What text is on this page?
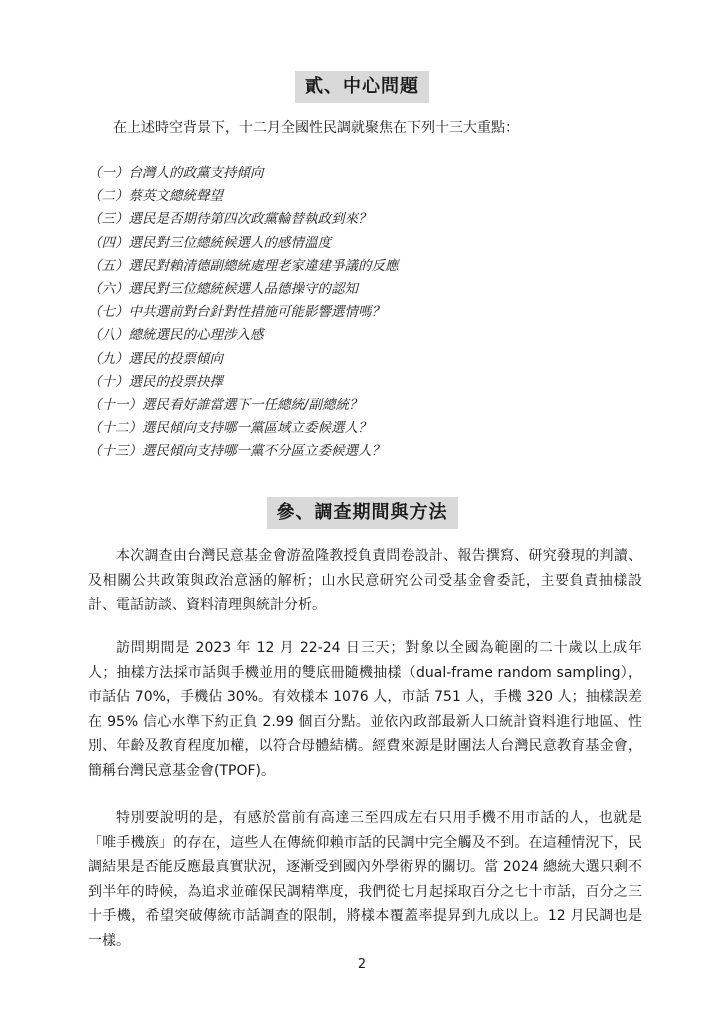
貳、中心問題
在上述時空背景下，十二月全國性民調就聚焦在下列十三大重點：
（一）台灣人的政黨支持傾向
（二）蔡英文總統聲望
（三）選民是否期待第四次政黨輪替執政到來？
（四）選民對三位總統候選人的感情溫度
（五）選民對賴清德副總統處理老家違建爭議的反應
（六）選民對三位總統候選人品德操守的認知
（七）中共選前對台針對性措施可能影響選情嗎？
（八）總統選民的心理涉入感
（九）選民的投票傾向
（十）選民的投票抉擇
（十一）選民看好誰當選下一任總統/副總統？
（十二）選民傾向支持哪一黨區域立委候選人？
（十三）選民傾向支持哪一黨不分區立委候選人？
參、調查期間與方法

本次調查由台灣民意基金會游盈隆教授負責問卷設計、報告撰寫、研究發現的判讀、及相關公共政策與政治意涵的解析；山水民意研究公司受基金會委託，主要負責抽樣設計、電話訪談、資料清理與統計分析。

訪問期間是 2023 年 12 月 22-24 日三天；對象以全國為範圍的二十歲以上成年人；抽樣方法採市話與手機並用的雙底冊隨機抽樣（dual-frame random sampling），市話佔 70%，手機佔 30%。有效樣本 1076 人，市話 751 人，手機 320 人；抽樣誤差在 95% 信心水準下約正負 2.99 個百分點。並依內政部最新人口統計資料進行地區、性別、年齡及教育程度加權，以符合母體結構。經費來源是財團法人台灣民意教育基金會，簡稱台灣民意基金會(TPOF)。

特別要說明的是，有感於當前有高達三至四成左右只用手機不用市話的人，也就是「唯手機族」的存在，這些人在傳統仰賴市話的民調中完全觸及不到。在這種情況下，民調結果是否能反應最真實狀況，逐漸受到國內外學術界的關切。當 2024 總統大選只剩不到半年的時候，為追求並確保民調精準度，我們從七月起採取百分之七十市話，百分之三十手機，希望突破傳統市話調查的限制，將樣本覆蓋率提昇到九成以上。12 月民調也是一樣。

2
